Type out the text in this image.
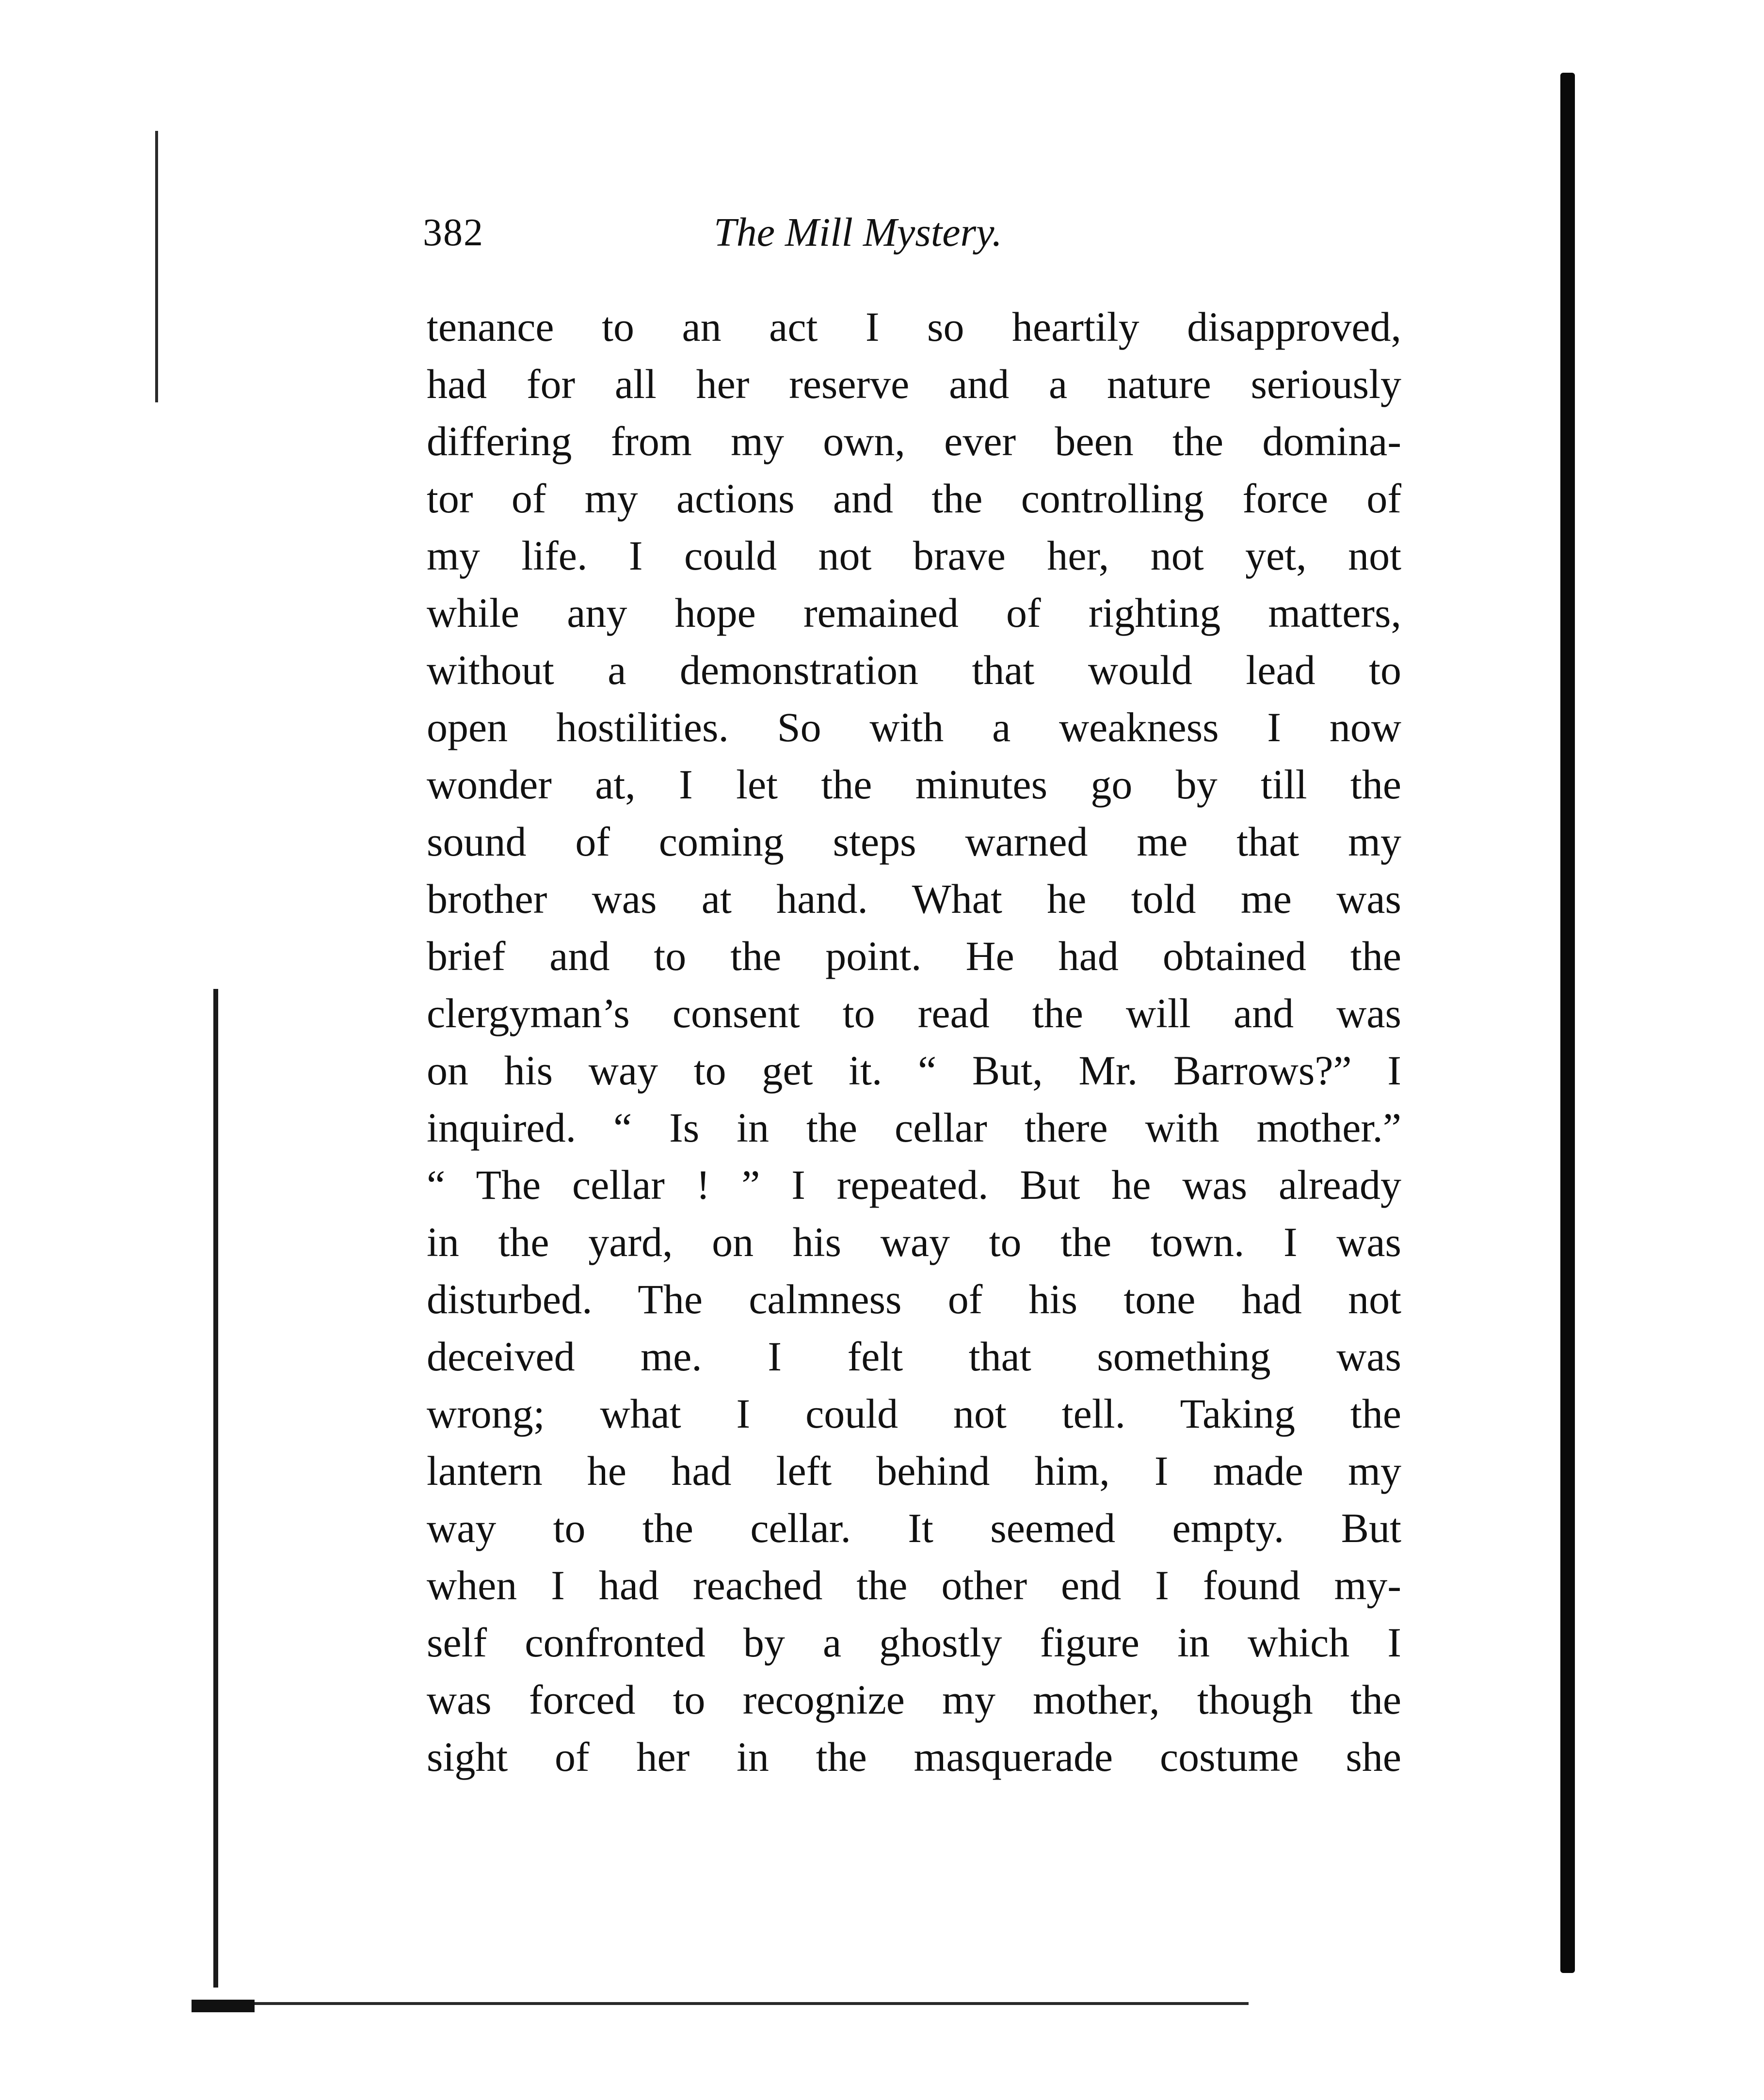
382	The Mill Mystery.
tenance to an act I so heartily disapproved,
had for all her reserve and a nature seriously
differing from my own, ever been the domina-
tor of my actions and the controlling force of
my life. I could not brave her, not yet, not
while any hope remained of righting matters,
without a demonstration that would lead to
open hostilities. So with a weakness I now
wonder at, I let the minutes go by till the
sound of coming steps warned me that my
brother was at hand. What he told me was
brief and to the point. He had obtained the
clergyman’s consent to read the will and was
on his way to get it. “ But, Mr. Barrows?” I
inquired. “ Is in the cellar there with mother.”
“ The cellar ! ” I repeated. But he was already
in the yard, on his way to the town. I was
disturbed. The calmness of his tone had not
deceived me. I felt that something was
wrong; what I could not tell. Taking the
lantern he had left behind him, I made my
way to the cellar. It seemed empty. But
when I had reached the other end I found my-
self confronted by a ghostly figure in which I
was forced to recognize my mother, though the
sight of her in the masquerade costume she
